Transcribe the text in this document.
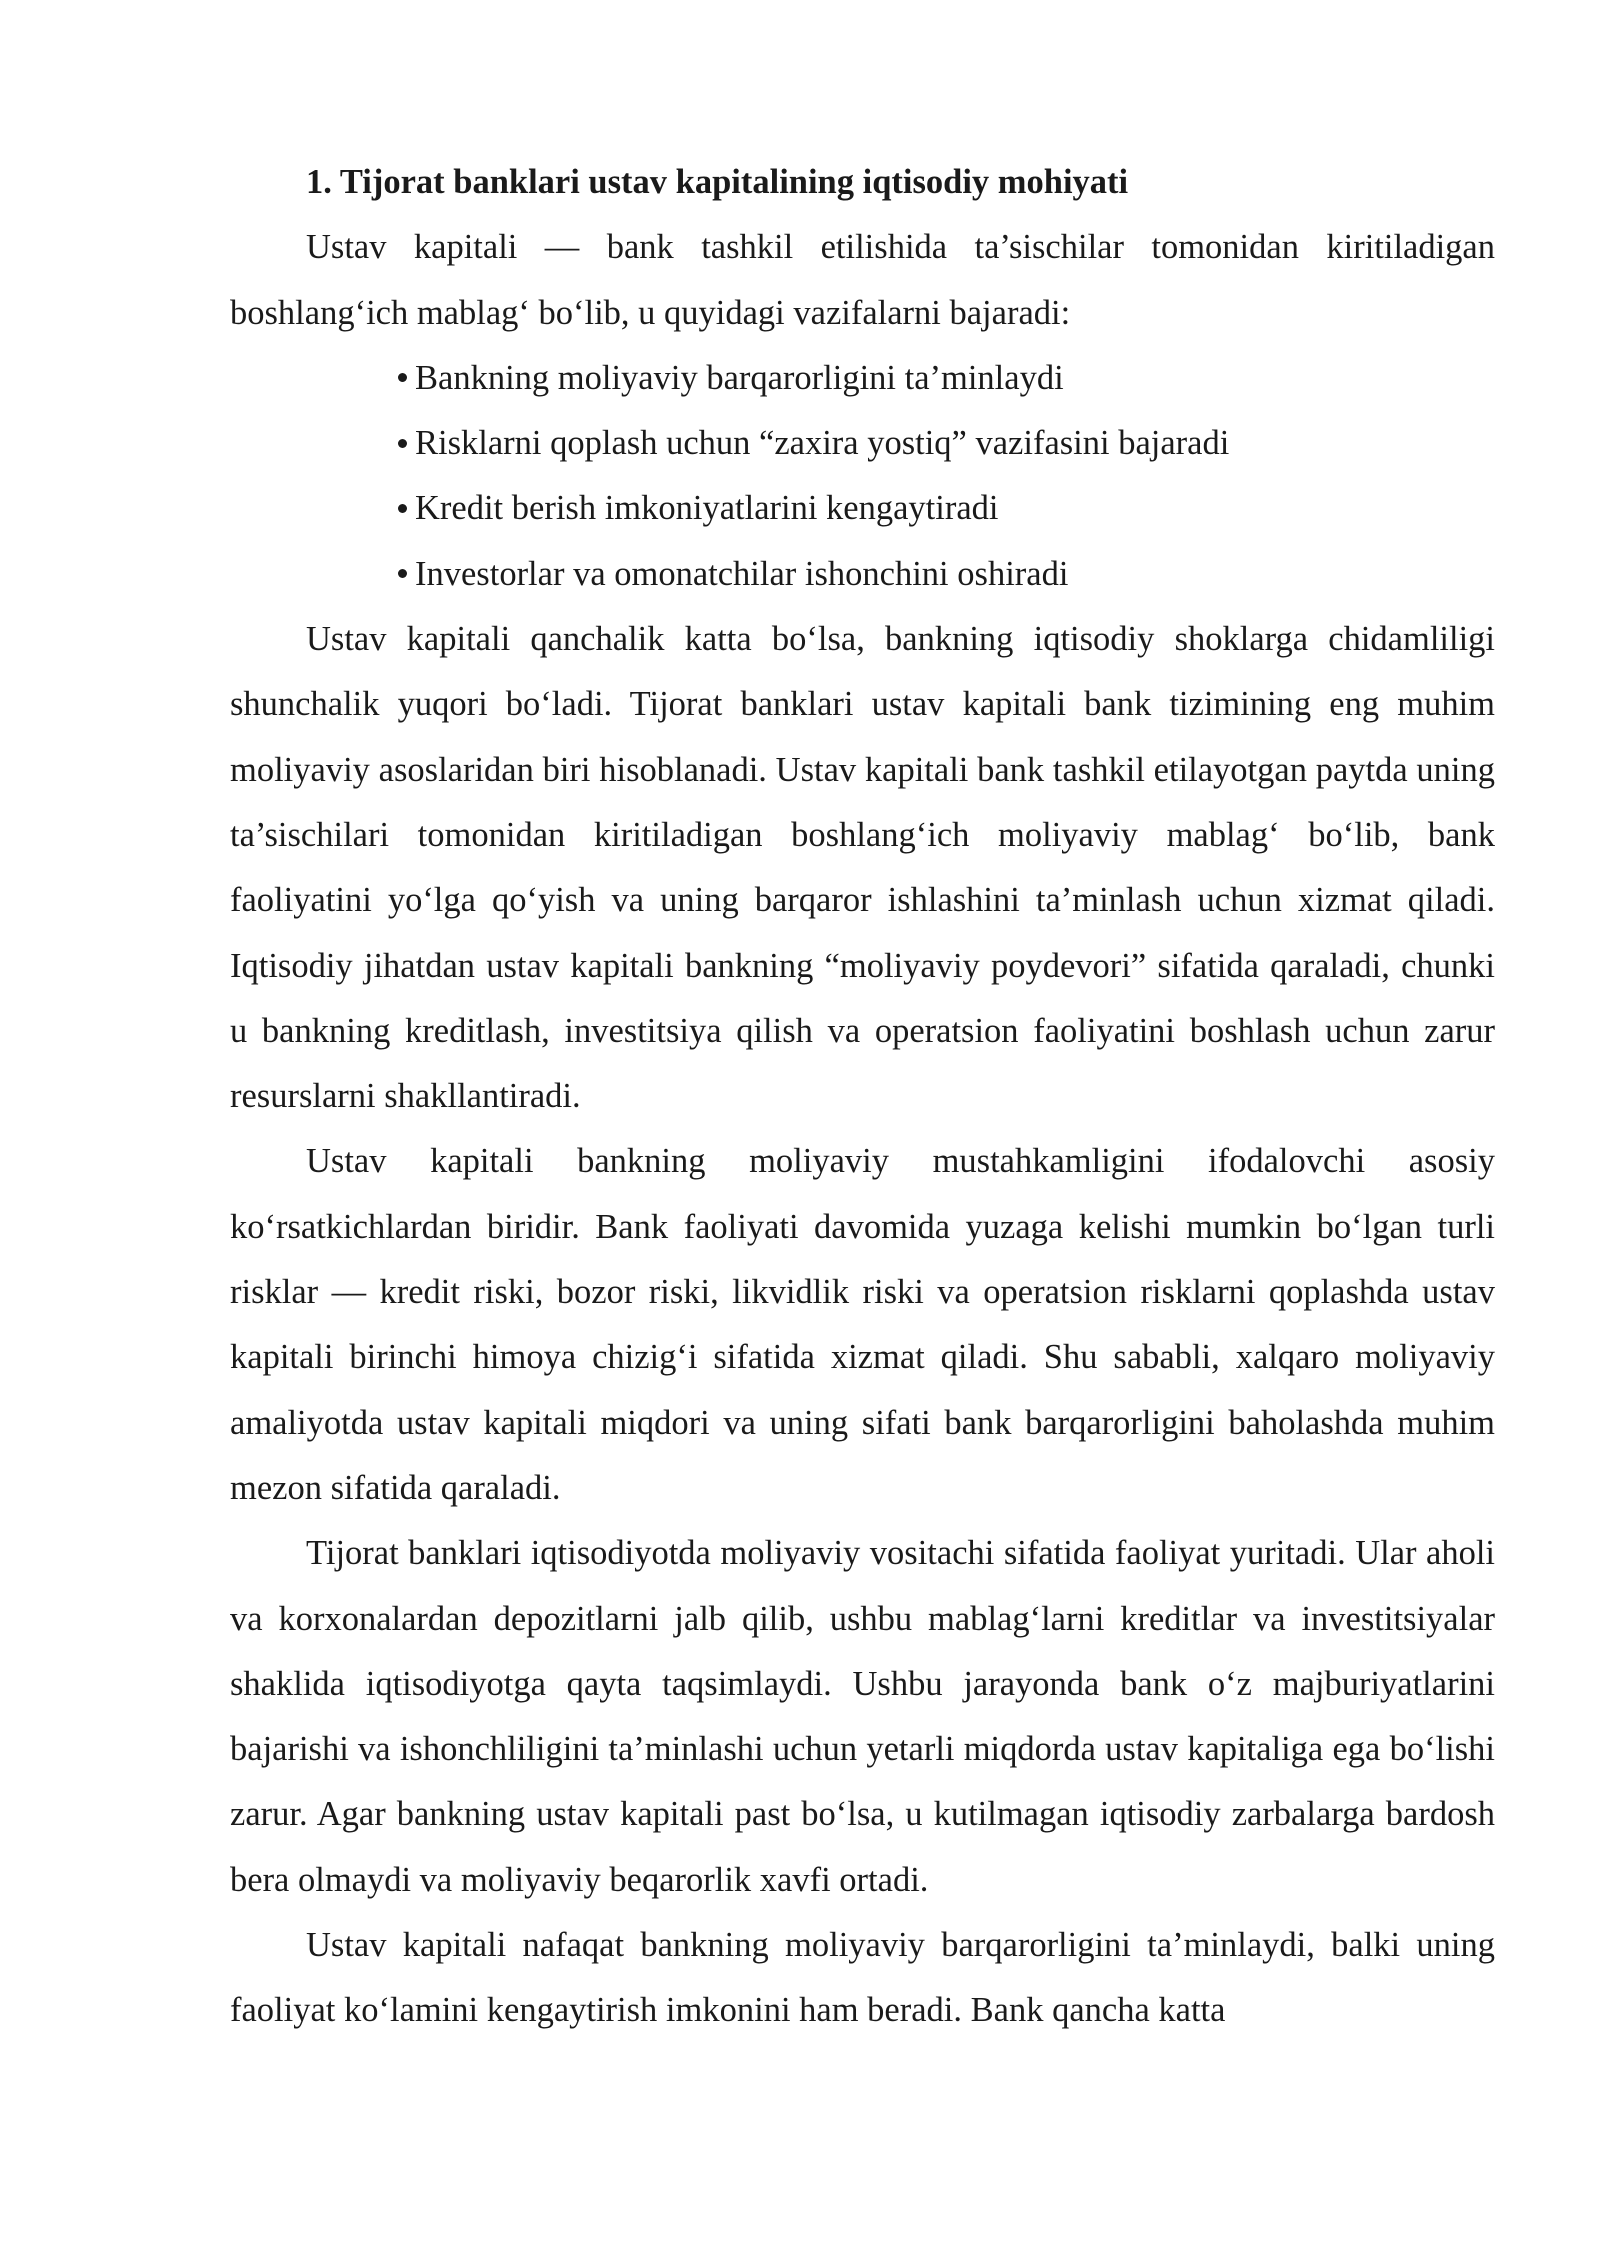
1. Tijorat banklari ustav kapitalining iqtisodiy mohiyati

Ustav kapitali — bank tashkil etilishida ta’sischilar tomonidan kiritiladigan boshlang‘ich mablag‘ bo‘lib, u quyidagi vazifalarni bajaradi:

Bankning moliyaviy barqarorligini ta’minlaydi
Risklarni qoplash uchun “zaxira yostiq” vazifasini bajaradi
Kredit berish imkoniyatlarini kengaytiradi
Investorlar va omonatchilar ishonchini oshiradi

Ustav kapitali qanchalik katta bo‘lsa, bankning iqtisodiy shoklarga chidamliligi shunchalik yuqori bo‘ladi. Tijorat banklari ustav kapitali bank tizimining eng muhim moliyaviy asoslaridan biri hisoblanadi. Ustav kapitali bank tashkil etilayotgan paytda uning ta’sischilari tomonidan kiritiladigan boshlang‘ich moliyaviy mablag‘ bo‘lib, bank faoliyatini yo‘lga qo‘yish va uning barqaror ishlashini ta’minlash uchun xizmat qiladi. Iqtisodiy jihatdan ustav kapitali bankning “moliyaviy poydevori” sifatida qaraladi, chunki u bankning kreditlash, investitsiya qilish va operatsion faoliyatini boshlash uchun zarur resurslarni shakllantiradi.

Ustav kapitali bankning moliyaviy mustahkamligini ifodalovchi asosiy ko‘rsatkichlardan biridir. Bank faoliyati davomida yuzaga kelishi mumkin bo‘lgan turli risklar — kredit riski, bozor riski, likvidlik riski va operatsion risklarni qoplashda ustav kapitali birinchi himoya chizig‘i sifatida xizmat qiladi. Shu sababli, xalqaro moliyaviy amaliyotda ustav kapitali miqdori va uning sifati bank barqarorligini baholashda muhim mezon sifatida qaraladi.

Tijorat banklari iqtisodiyotda moliyaviy vositachi sifatida faoliyat yuritadi. Ular aholi va korxonalardan depozitlarni jalb qilib, ushbu mablag‘larni kreditlar va investitsiyalar shaklida iqtisodiyotga qayta taqsimlaydi. Ushbu jarayonda bank o‘z majburiyatlarini bajarishi va ishonchliligini ta’minlashi uchun yetarli miqdorda ustav kapitaliga ega bo‘lishi zarur. Agar bankning ustav kapitali past bo‘lsa, u kutilmagan iqtisodiy zarbalarga bardosh bera olmaydi va moliyaviy beqarorlik xavfi ortadi.

Ustav kapitali nafaqat bankning moliyaviy barqarorligini ta’minlaydi, balki uning faoliyat ko‘lamini kengaytirish imkonini ham beradi. Bank qancha katta
